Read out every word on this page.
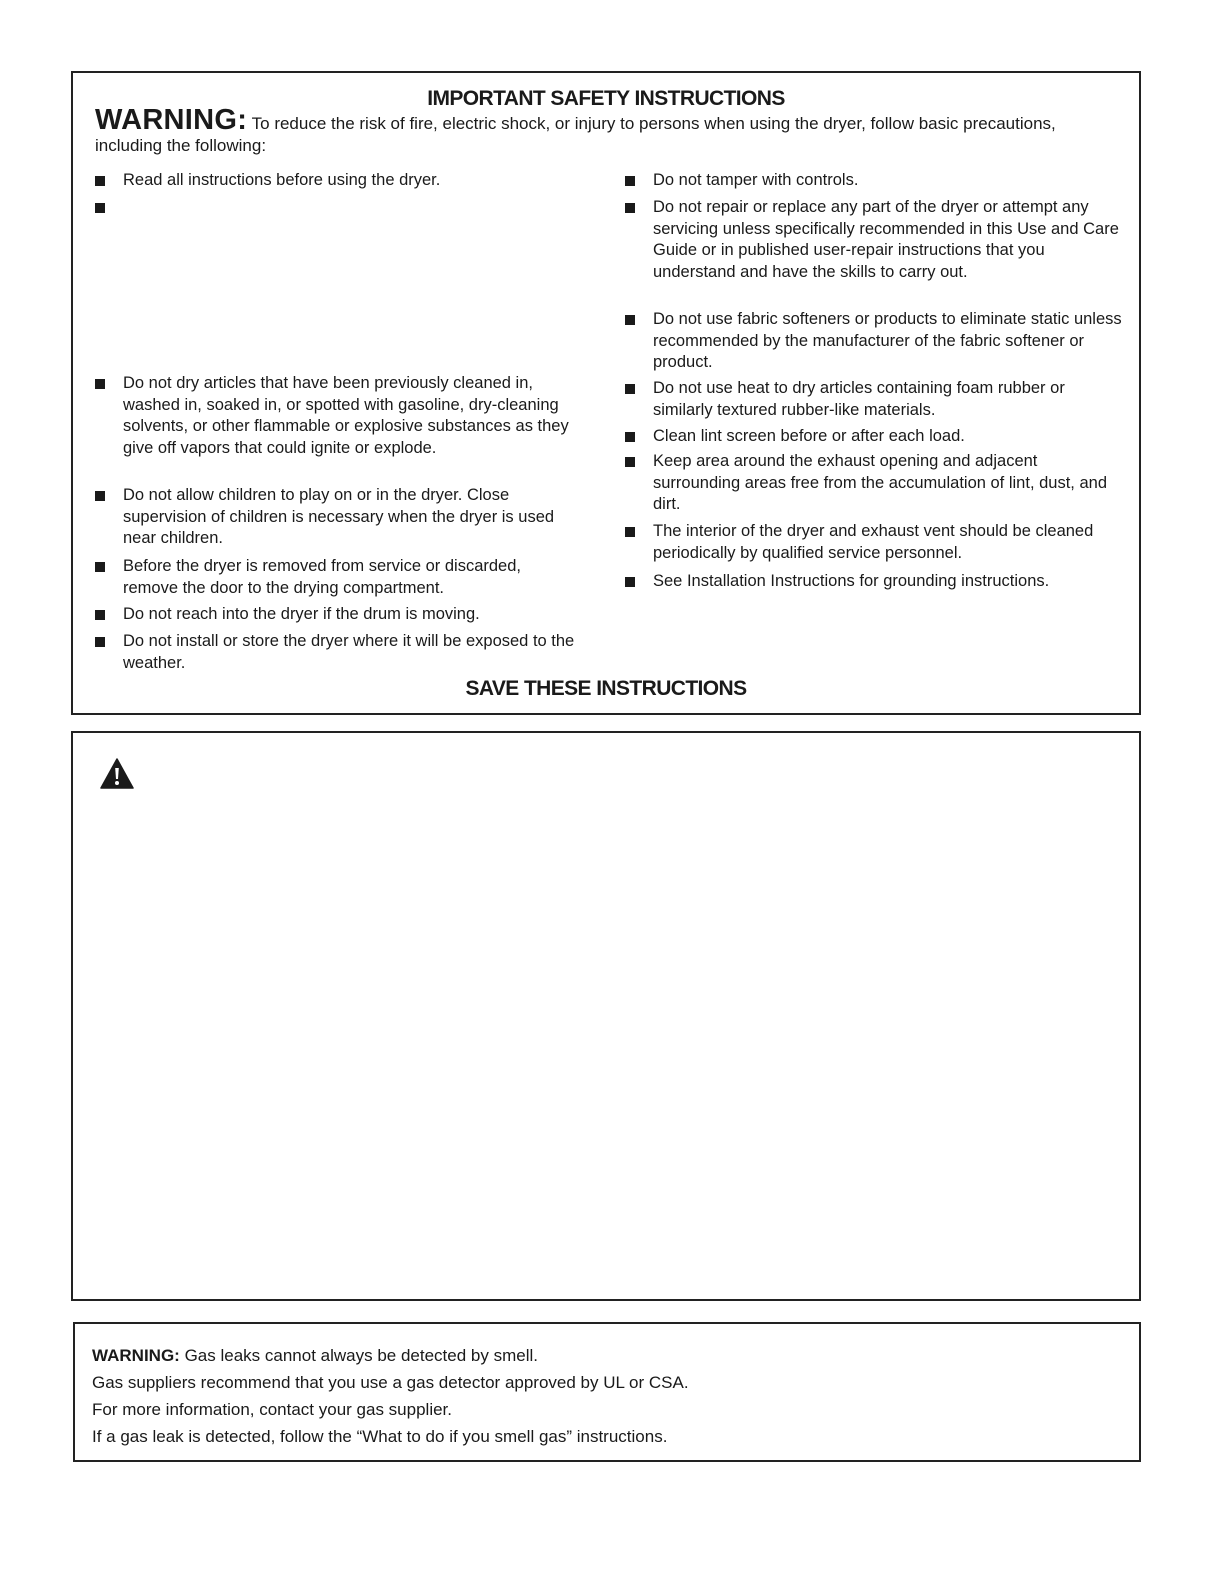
IMPORTANT SAFETY INSTRUCTIONS
WARNING: To reduce the risk of fire, electric shock, or injury to persons when using the dryer, follow basic precautions, including the following:
Read all instructions before using the dryer.
Do not dry articles that have been previously cleaned in, washed in, soaked in, or spotted with gasoline, dry-cleaning solvents, or other flammable or explosive substances as they give off vapors that could ignite or explode.
Do not allow children to play on or in the dryer. Close supervision of children is necessary when the dryer is used near children.
Before the dryer is removed from service or discarded, remove the door to the drying compartment.
Do not reach into the dryer if the drum is moving.
Do not install or store the dryer where it will be exposed to the weather.
Do not tamper with controls.
Do not repair or replace any part of the dryer or attempt any servicing unless specifically recommended in this Use and Care Guide or in published user-repair instructions that you understand and have the skills to carry out.
Do not use fabric softeners or products to eliminate static unless recommended by the manufacturer of the fabric softener or product.
Do not use heat to dry articles containing foam rubber or similarly textured rubber-like materials.
Clean lint screen before or after each load.
Keep area around the exhaust opening and adjacent surrounding areas free from the accumulation of lint, dust, and dirt.
The interior of the dryer and exhaust vent should be cleaned periodically by qualified service personnel.
See Installation Instructions for grounding instructions.
SAVE THESE INSTRUCTIONS
WARNING: Gas leaks cannot always be detected by smell.
Gas suppliers recommend that you use a gas detector approved by UL or CSA.
For more information, contact your gas supplier.
If a gas leak is detected, follow the “What to do if you smell gas” instructions.
